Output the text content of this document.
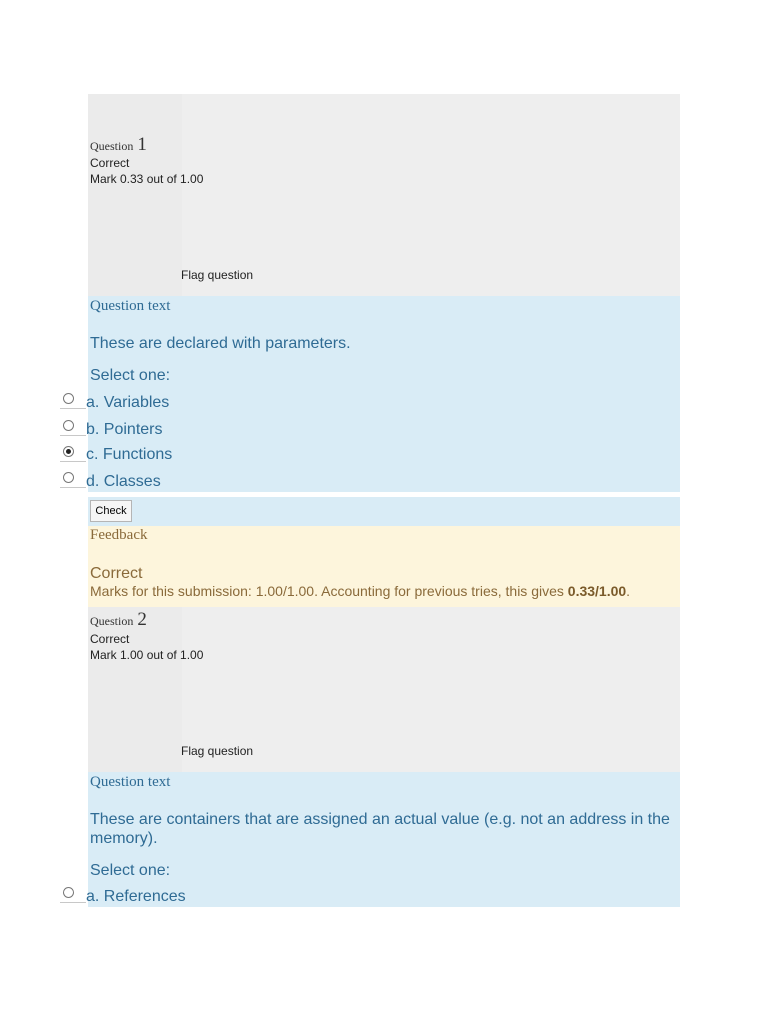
Question 1
Correct
Mark 0.33 out of 1.00
Flag question
Question text
These are declared with parameters.
Select one:
a. Variables
b. Pointers
c. Functions
d. Classes
Check
Feedback
Correct
Marks for this submission: 1.00/1.00. Accounting for previous tries, this gives 0.33/1.00.
Question 2
Correct
Mark 1.00 out of 1.00
Flag question
Question text
These are containers that are assigned an actual value (e.g. not an address in the memory).
Select one:
a. References
